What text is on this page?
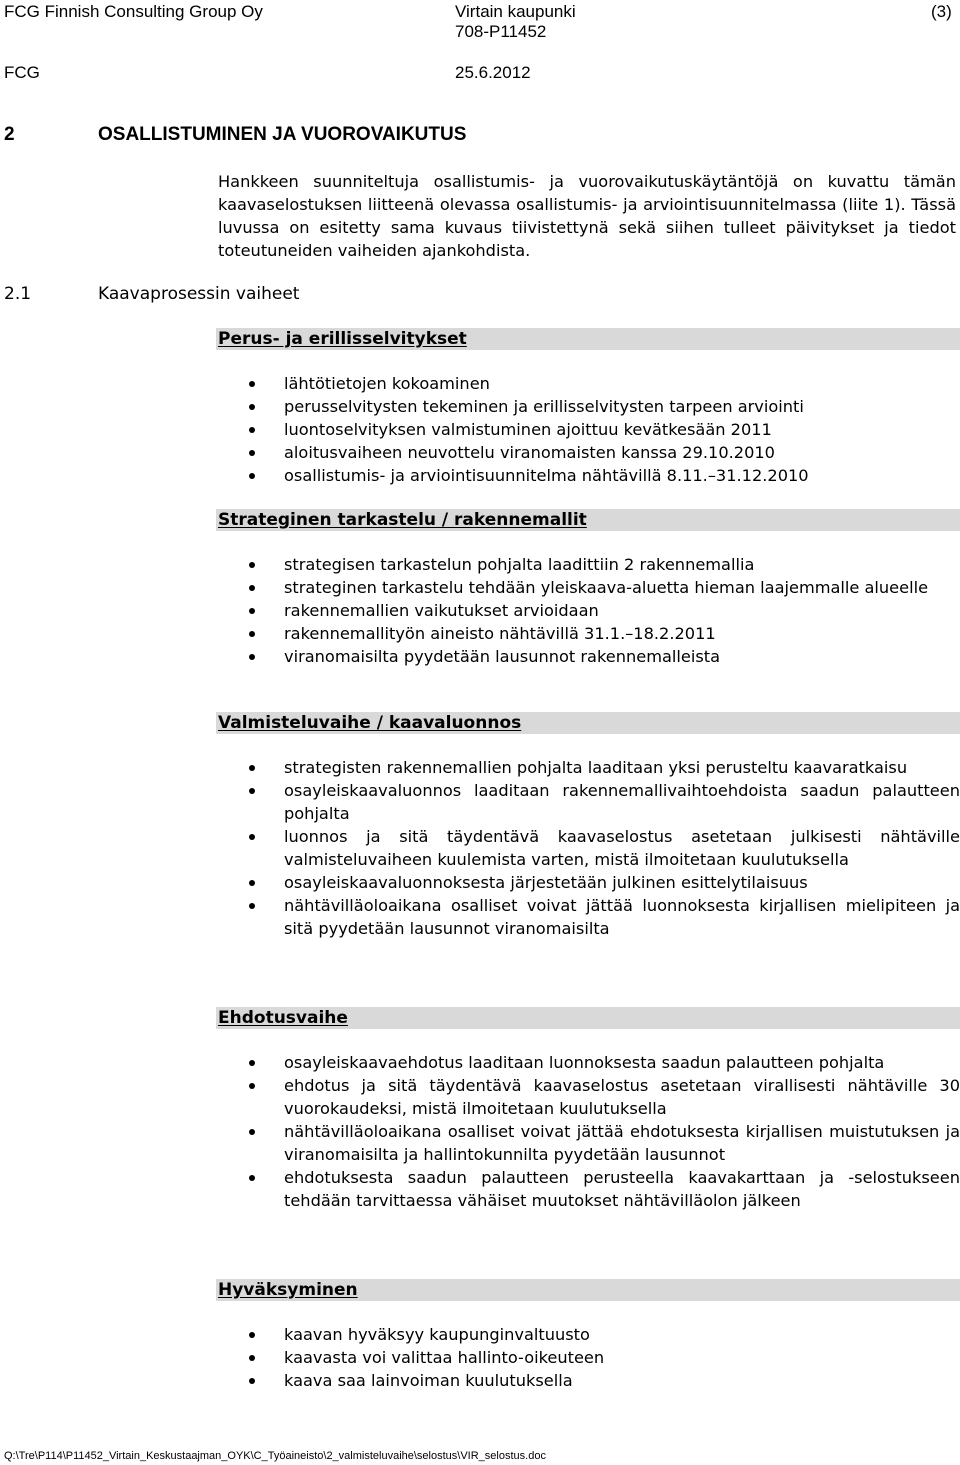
FCG Finnish Consulting Group Oy	Virtain kaupunki	(3)
708-P11452
FCG	25.6.2012
2	OSALLISTUMINEN JA VUOROVAIKUTUS

Hankkeen suunniteltuja osallistumis- ja vuorovaikutuskäytäntöjä on kuvattu tämän kaavaselostuksen liitteenä olevassa osallistumis- ja arviointisuunnitelmassa (liite 1). Tässä luvussa on esitetty sama kuvaus tiivistettynä sekä siihen tulleet päivitykset ja tiedot toteutuneiden vaiheiden ajankohdista.

2.1	Kaavaprosessin vaiheet
Perus- ja erillisselvitykset
lähtötietojen kokoaminen
perusselvitysten tekeminen ja erillisselvitysten tarpeen arviointi
luontoselvityksen valmistuminen ajoittuu kevätkesään 2011
aloitusvaiheen neuvottelu viranomaisten kanssa 29.10.2010
osallistumis- ja arviointisuunnitelma nähtävillä 8.11.–31.12.2010
Strateginen tarkastelu / rakennemallit
strategisen tarkastelun pohjalta laadittiin 2 rakennemallia
strateginen tarkastelu tehdään yleiskaava-aluetta hieman laajemmalle alueelle
rakennemallien vaikutukset arvioidaan
rakennemallityön aineisto nähtävillä 31.1.–18.2.2011
viranomaisilta pyydetään lausunnot rakennemalleista
Valmisteluvaihe / kaavaluonnos
strategisten rakennemallien pohjalta laaditaan yksi perusteltu kaavaratkaisu
osayleiskaavaluonnos laaditaan rakennemallivaihtoehdoista saadun palautteen pohjalta
luonnos ja sitä täydentävä kaavaselostus asetetaan julkisesti nähtäville valmisteluvaiheen kuulemista varten, mistä ilmoitetaan kuulutuksella
osayleiskaavaluonnoksesta järjestetään julkinen esittelytilaisuus
nähtävilläoloaikana osalliset voivat jättää luonnoksesta kirjallisen mielipiteen ja sitä pyydetään lausunnot viranomaisilta
Ehdotusvaihe
osayleiskaavaehdotus laaditaan luonnoksesta saadun palautteen pohjalta
ehdotus ja sitä täydentävä kaavaselostus asetetaan virallisesti nähtäville 30 vuorokaudeksi, mistä ilmoitetaan kuulutuksella
nähtävilläoloaikana osalliset voivat jättää ehdotuksesta kirjallisen muistutuksen ja viranomaisilta ja hallintokunnilta pyydetään lausunnot
ehdotuksesta saadun palautteen perusteella kaavakarttaan ja -selostukseen tehdään tarvittaessa vähäiset muutokset nähtävilläolon jälkeen
Hyväksyminen
kaavan hyväksyy kaupunginvaltuusto
kaavasta voi valittaa hallinto-oikeuteen
kaava saa lainvoiman kuulutuksella
Q:\Tre\P114\P11452_Virtain_Keskustaajman_OYK\C_Työaineisto\2_valmisteluvaihe\selostus\VIR_selostus.doc
